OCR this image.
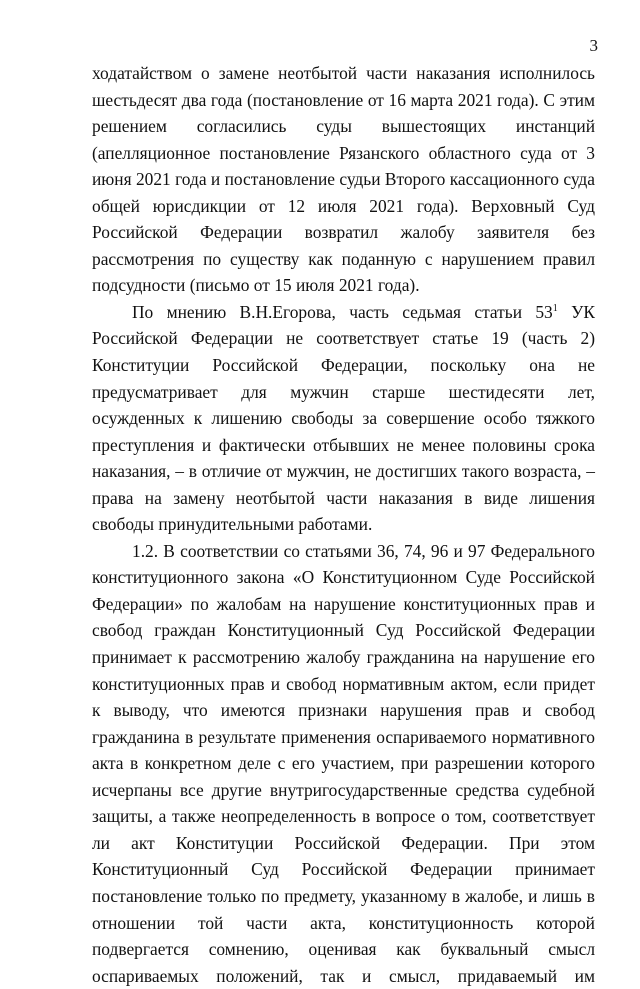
3

ходатайством о замене неотбытой части наказания исполнилось шестьдесят два года (постановление от 16 марта 2021 года). С этим решением согласились суды вышестоящих инстанций (апелляционное постановление Рязанского областного суда от 3 июня 2021 года и постановление судьи Второго кассационного суда общей юрисдикции от 12 июля 2021 года). Верховный Суд Российской Федерации возвратил жалобу заявителя без рассмотрения по существу как поданную с нарушением правил подсудности (письмо от 15 июля 2021 года).

По мнению В.Н.Егорова, часть седьмая статьи $53^1$ УК Российской Федерации не соответствует статье 19 (часть 2) Конституции Российской Федерации, поскольку она не предусматривает для мужчин старше шестидесяти лет, осужденных к лишению свободы за совершение особо тяжкого преступления и фактически отбывших не менее половины срока наказания, – в отличие от мужчин, не достигших такого возраста, – права на замену неотбытой части наказания в виде лишения свободы принудительными работами.

1.2. В соответствии со статьями 36, 74, 96 и 97 Федерального конституционного закона «О Конституционном Суде Российской Федерации» по жалобам на нарушение конституционных прав и свобод граждан Конституционный Суд Российской Федерации принимает к рассмотрению жалобу гражданина на нарушение его конституционных прав и свобод нормативным актом, если придет к выводу, что имеются признаки нарушения прав и свобод гражданина в результате применения оспариваемого нормативного акта в конкретном деле с его участием, при разрешении которого исчерпаны все другие внутригосударственные средства судебной защиты, а также неопределенность в вопросе о том, соответствует ли акт Конституции Российской Федерации. При этом Конституционный Суд Российской Федерации принимает постановление только по предмету, указанному в жалобе, и лишь в отношении той части акта, конституционность которой подвергается сомнению, оценивая как буквальный смысл оспариваемых положений, так и смысл, придаваемый им
